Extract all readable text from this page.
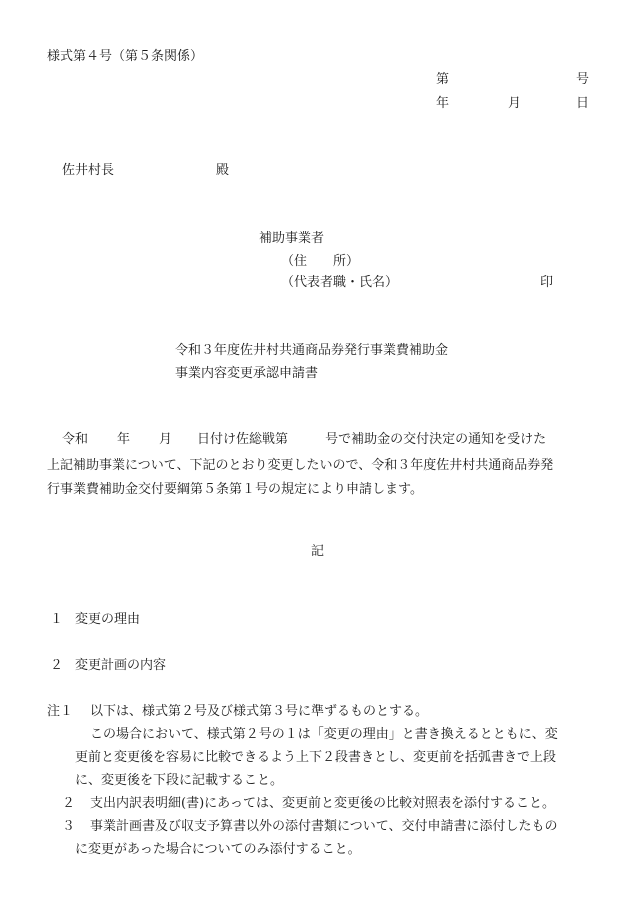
様式第４号（第５条関係）
第	号
年	月	日
佐井村長	殿
補助事業者
（住　　所）
（代表者職・氏名）	印
令和３年度佐井村共通商品券発行事業費補助金
事業内容変更承認申請書
令和 年 月 日付け佐総戦第	号で補助金の交付決定の通知を受けた
上記補助事業について、下記のとおり変更したいので、令和３年度佐井村共通商品券発
行事業費補助金交付要綱第５条第１号の規定により申請します。
記
１ 変更の理由
２ 変更計画の内容
注１ 以下は、様式第２号及び様式第３号に準ずるものとする。
この場合において、様式第２号の１は「変更の理由」と書き換えるとともに、変
更前と変更後を容易に比較できるよう上下２段書きとし、変更前を括弧書きで上段
に、変更後を下段に記載すること。
２ 支出内訳表明細(書)にあっては、変更前と変更後の比較対照表を添付すること。
３ 事業計画書及び収支予算書以外の添付書類について、交付申請書に添付したもの
に変更があった場合についてのみ添付すること。
